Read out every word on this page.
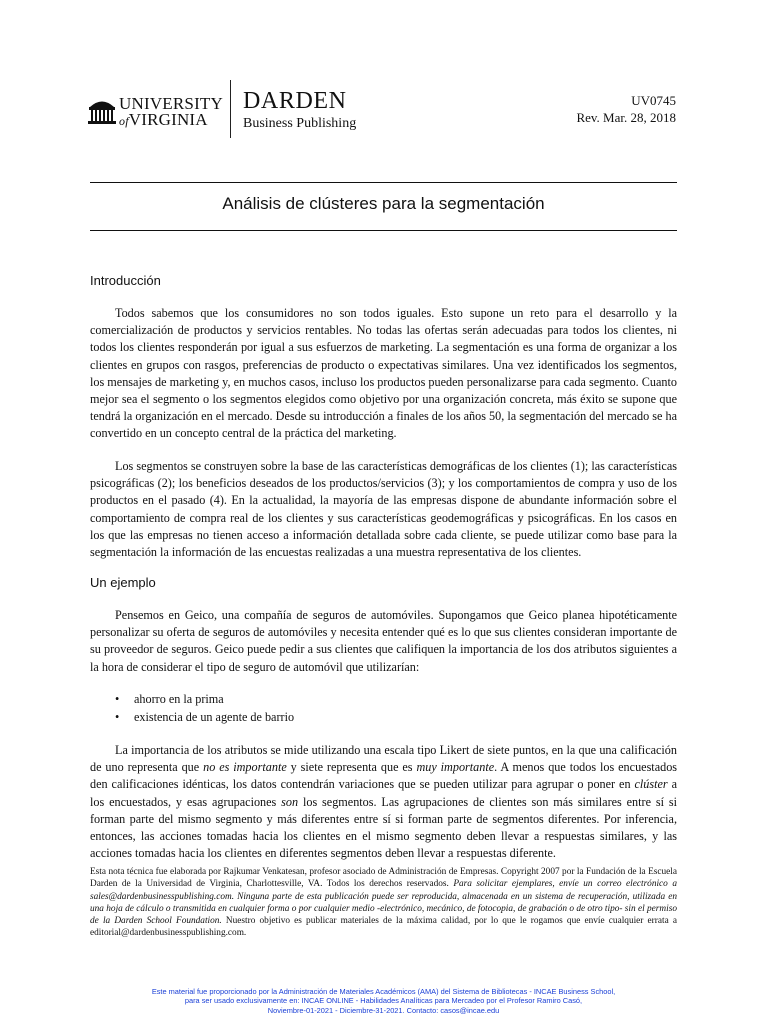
UNIVERSITY
ofVIRGINIA
DARDEN
Business Publishing
UV0745
Rev. Mar. 28, 2018
Análisis de clústeres para la segmentación
Introducción

Todos sabemos que los consumidores no son todos iguales. Esto supone un reto para el desarrollo y la comercialización de productos y servicios rentables. No todas las ofertas serán adecuadas para todos los clientes, ni todos los clientes responderán por igual a sus esfuerzos de marketing. La segmentación es una forma de organizar a los clientes en grupos con rasgos, preferencias de producto o expectativas similares. Una vez identificados los segmentos, los mensajes de marketing y, en muchos casos, incluso los productos pueden personalizarse para cada segmento. Cuanto mejor sea el segmento o los segmentos elegidos como objetivo por una organización concreta, más éxito se supone que tendrá la organización en el mercado. Desde su introducción a finales de los años 50, la segmentación del mercado se ha convertido en un concepto central de la práctica del marketing.

Los segmentos se construyen sobre la base de las características demográficas de los clientes (1); las características psicográficas (2); los beneficios deseados de los productos/servicios (3); y los comportamientos de compra y uso de los productos en el pasado (4). En la actualidad, la mayoría de las empresas dispone de abundante información sobre el comportamiento de compra real de los clientes y sus características geodemográficas y psicográficas. En los casos en los que las empresas no tienen acceso a información detallada sobre cada cliente, se puede utilizar como base para la segmentación la información de las encuestas realizadas a una muestra representativa de los clientes.

Un ejemplo

Pensemos en Geico, una compañía de seguros de automóviles. Supongamos que Geico planea hipotéticamente personalizar su oferta de seguros de automóviles y necesita entender qué es lo que sus clientes consideran importante de su proveedor de seguros. Geico puede pedir a sus clientes que califiquen la importancia de los dos atributos siguientes a la hora de considerar el tipo de seguro de automóvil que utilizarían:

• ahorro en la prima
• existencia de un agente de barrio

La importancia de los atributos se mide utilizando una escala tipo Likert de siete puntos, en la que una calificación de uno representa que no es importante y siete representa que es muy importante. A menos que todos los encuestados den calificaciones idénticas, los datos contendrán variaciones que se pueden utilizar para agrupar o poner en clúster a los encuestados, y esas agrupaciones son los segmentos. Las agrupaciones de clientes son más similares entre sí si forman parte del mismo segmento y más diferentes entre sí si forman parte de segmentos diferentes. Por inferencia, entonces, las acciones tomadas hacia los clientes en el mismo segmento deben llevar a respuestas similares, y las acciones tomadas hacia los clientes en diferentes segmentos deben llevar a respuestas diferente.

Esta nota técnica fue elaborada por Rajkumar Venkatesan, profesor asociado de Administración de Empresas. Copyright 2007 por la Fundación de la Escuela Darden de la Universidad de Virginia, Charlottesville, VA. Todos los derechos reservados. Para solicitar ejemplares, envíe un correo electrónico a sales@dardenbusinesspublishing.com. Ninguna parte de esta publicación puede ser reproducida, almacenada en un sistema de recuperación, utilizada en una hoja de cálculo o transmitida en cualquier forma o por cualquier medio -electrónico, mecánico, de fotocopia, de grabación o de otro tipo- sin el permiso de la Darden School Foundation. Nuestro objetivo es publicar materiales de la máxima calidad, por lo que le rogamos que envíe cualquier errata a editorial@dardenbusinesspublishing.com.

Este material fue proporcionado por la Administración de Materiales Académicos (AMA) del Sistema de Bibliotecas - INCAE Business School,
para ser usado exclusivamente en: INCAE ONLINE - Habilidades Analíticas para Mercadeo por el Profesor Ramiro Casó,
Noviembre-01-2021 - Diciembre-31-2021. Contacto: casos@incae.edu
